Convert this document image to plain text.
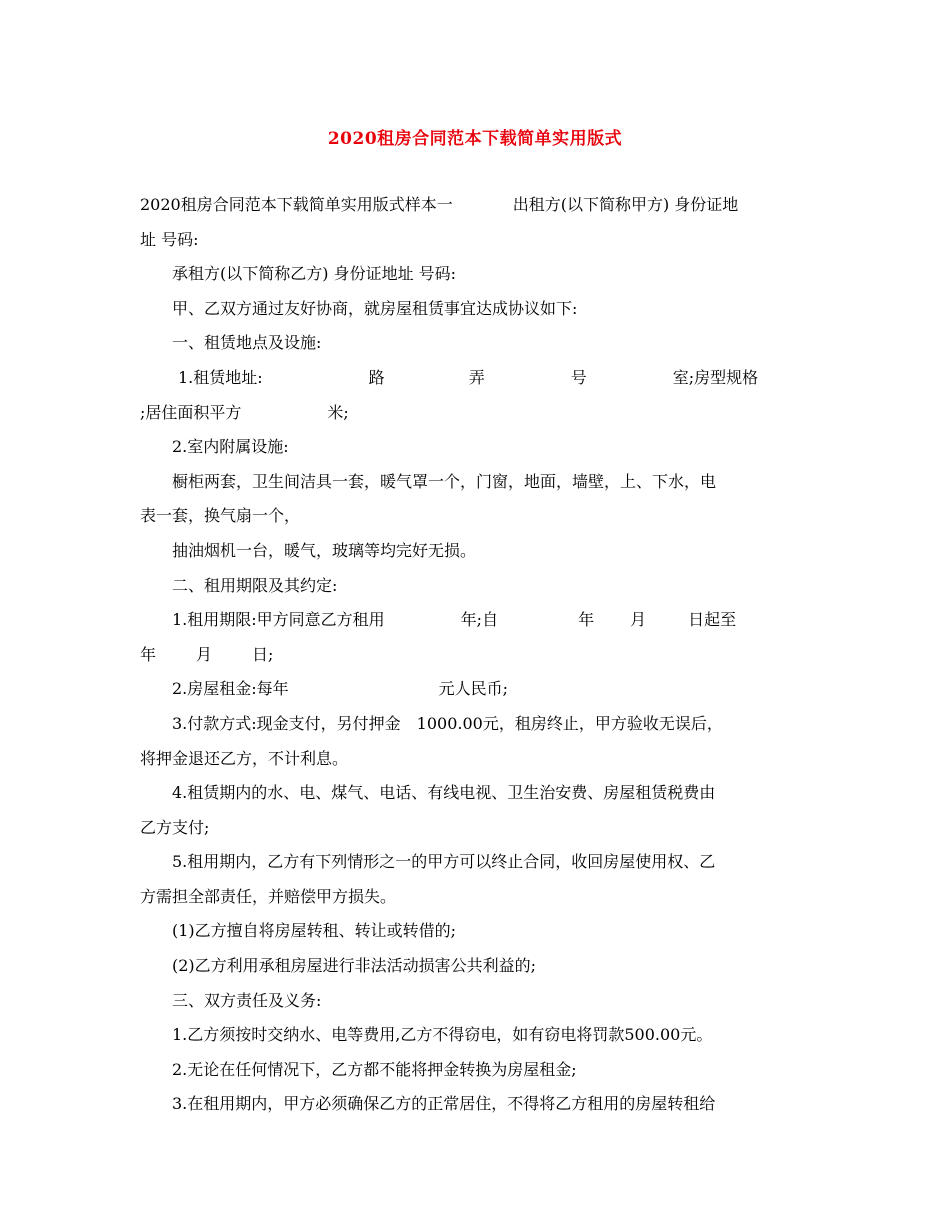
2020租房合同范本下载简单实用版式
2020租房合同范本下载简单实用版式样本一	出租方(以下简称甲方) 身份证地
址 号码:
承租方(以下简称乙方) 身份证地址 号码:
甲、乙双方通过友好协商，就房屋租赁事宜达成协议如下:
一、租赁地点及设施:
1.租赁地址:	路	弄	号	室;房型规格
;居住面积平方	米;
2.室内附属设施:
橱柜两套，卫生间洁具一套，暖气罩一个，门窗，地面，墙壁，上、下水，电
表一套，换气扇一个，
抽油烟机一台，暖气，玻璃等均完好无损。
二、租用期限及其约定:
1.租用期限:甲方同意乙方租用	年;自	年 月	日起至
年	月	日;
2.房屋租金:每年	元人民币;
3.付款方式:现金支付，另付押金　1000.00元，租房终止，甲方验收无误后，
将押金退还乙方，不计利息。
4.租赁期内的水、电、煤气、电话、有线电视、卫生治安费、房屋租赁税费由
乙方支付;
5.租用期内，乙方有下列情形之一的甲方可以终止合同，收回房屋使用权、乙
方需担全部责任，并赔偿甲方损失。
(1)乙方擅自将房屋转租、转让或转借的;
(2)乙方利用承租房屋进行非法活动损害公共利益的;
三、双方责任及义务:
1.乙方须按时交纳水、电等费用,乙方不得窃电，如有窃电将罚款500.00元。
2.无论在任何情况下，乙方都不能将押金转换为房屋租金;
3.在租用期内，甲方必须确保乙方的正常居住，不得将乙方租用的房屋转租给
